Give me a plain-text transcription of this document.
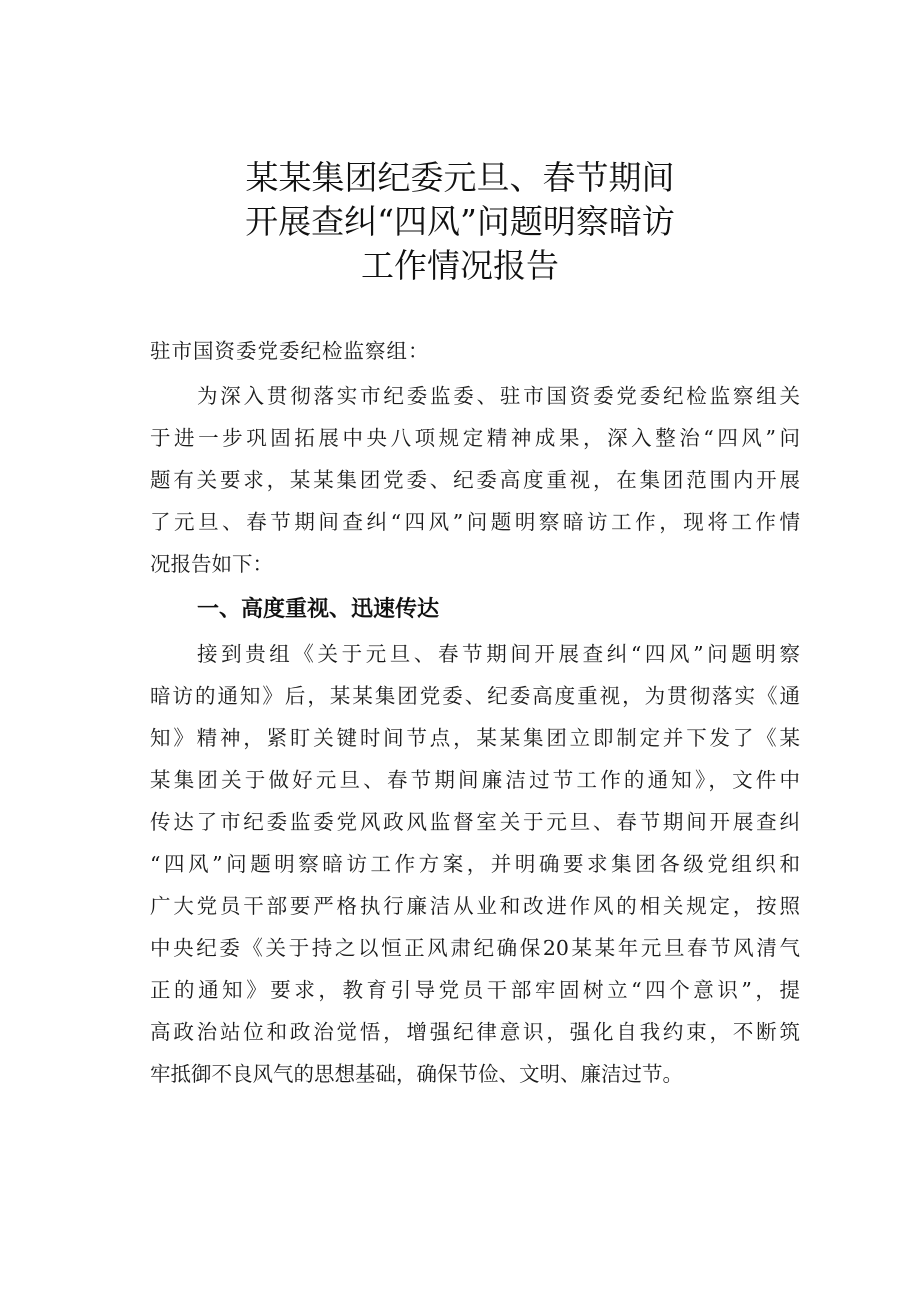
某某集团纪委元旦、春节期间
开展查纠“四风”问题明察暗访
工作情况报告
驻市国资委党委纪检监察组：
为深入贯彻落实市纪委监委、驻市国资委党委纪检监察组关
于进一步巩固拓展中央八项规定精神成果，深入整治“四风”问
题有关要求，某某集团党委、纪委高度重视，在集团范围内开展
了元旦、春节期间查纠“四风”问题明察暗访工作，现将工作情
况报告如下：
一、高度重视、迅速传达
接到贵组《关于元旦、春节期间开展查纠“四风”问题明察
暗访的通知》后，某某集团党委、纪委高度重视，为贯彻落实《通
知》精神，紧盯关键时间节点，某某集团立即制定并下发了《某
某集团关于做好元旦、春节期间廉洁过节工作的通知》，文件中
传达了市纪委监委党风政风监督室关于元旦、春节期间开展查纠
“四风”问题明察暗访工作方案，并明确要求集团各级党组织和
广大党员干部要严格执行廉洁从业和改进作风的相关规定，按照
中央纪委《关于持之以恒正风肃纪确保20某某年元旦春节风清气
正的通知》要求，教育引导党员干部牢固树立“四个意识”，提
高政治站位和政治觉悟，增强纪律意识，强化自我约束，不断筑
牢抵御不良风气的思想基础，确保节俭、文明、廉洁过节。
